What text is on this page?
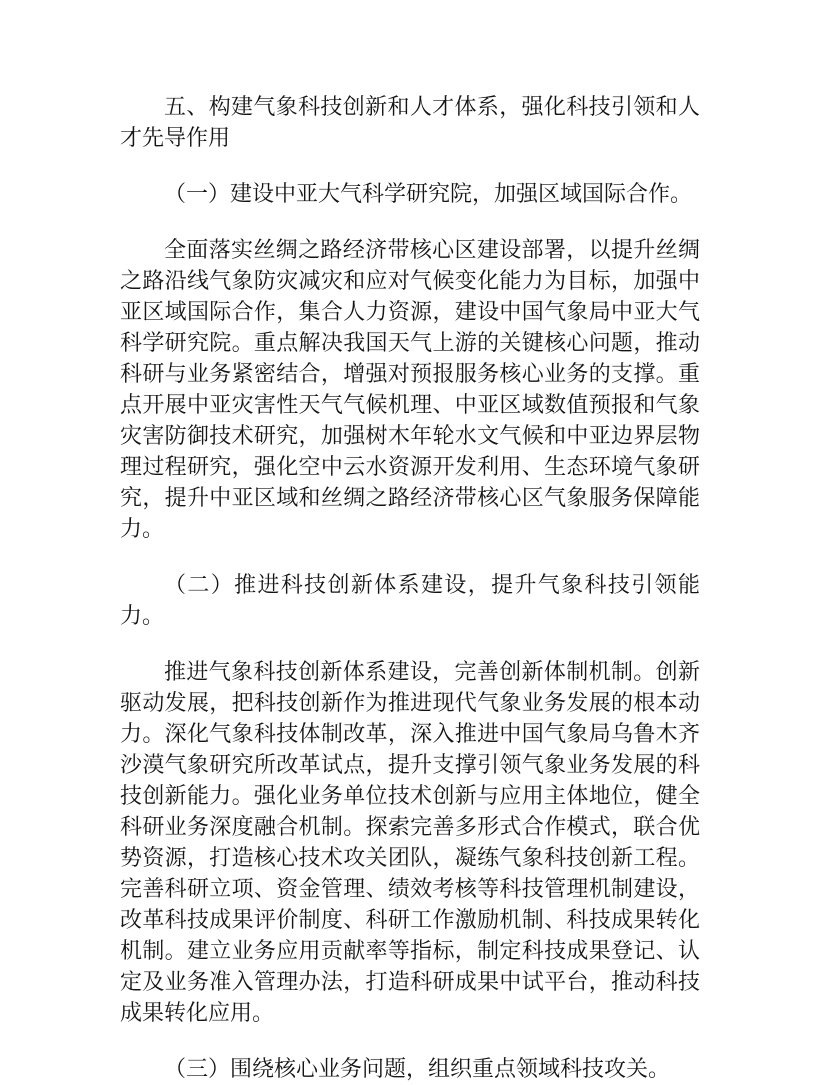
五、构建气象科技创新和人才体系，强化科技引领和人才先导作用

（一）建设中亚大气科学研究院，加强区域国际合作。

全面落实丝绸之路经济带核心区建设部署，以提升丝绸之路沿线气象防灾减灾和应对气候变化能力为目标，加强中亚区域国际合作，集合人力资源，建设中国气象局中亚大气科学研究院。重点解决我国天气上游的关键核心问题，推动科研与业务紧密结合，增强对预报服务核心业务的支撑。重点开展中亚灾害性天气气候机理、中亚区域数值预报和气象灾害防御技术研究，加强树木年轮水文气候和中亚边界层物理过程研究，强化空中云水资源开发利用、生态环境气象研究，提升中亚区域和丝绸之路经济带核心区气象服务保障能力。

（二）推进科技创新体系建设，提升气象科技引领能力。

推进气象科技创新体系建设，完善创新体制机制。创新驱动发展，把科技创新作为推进现代气象业务发展的根本动力。深化气象科技体制改革，深入推进中国气象局乌鲁木齐沙漠气象研究所改革试点，提升支撑引领气象业务发展的科技创新能力。强化业务单位技术创新与应用主体地位，健全科研业务深度融合机制。探索完善多形式合作模式，联合优势资源，打造核心技术攻关团队，凝练气象科技创新工程。完善科研立项、资金管理、绩效考核等科技管理机制建设，改革科技成果评价制度、科研工作激励机制、科技成果转化机制。建立业务应用贡献率等指标，制定科技成果登记、认定及业务准入管理办法，打造科研成果中试平台，推动科技成果转化应用。

（三）围绕核心业务问题，组织重点领域科技攻关。
